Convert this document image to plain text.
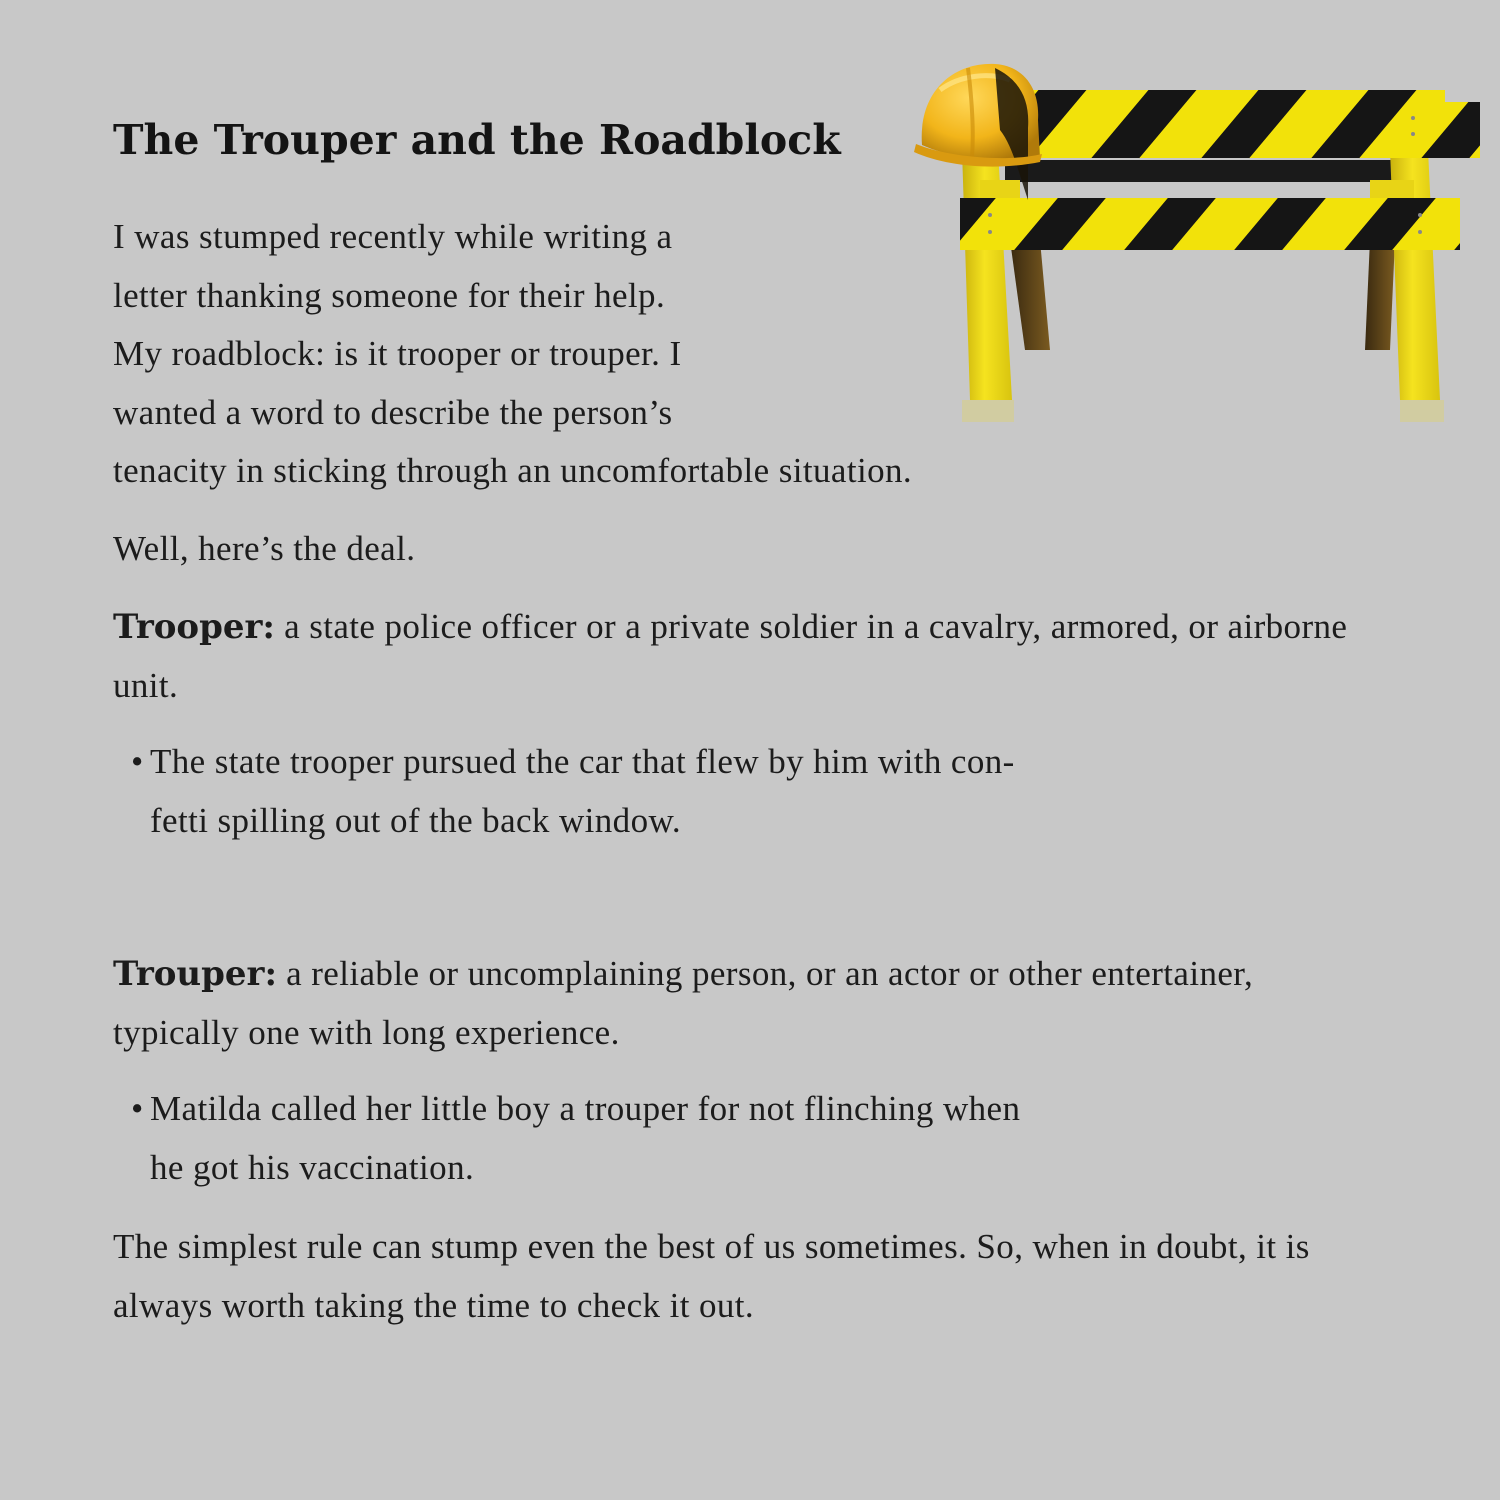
The Trouper and the Roadblock
I was stumped recently while writing a
letter thanking someone for their help.
My roadblock: is it trooper or trouper. I
wanted a word to describe the person’s
tenacity in sticking through an uncomfortable situation.

Well, here’s the deal.

Trooper: a state police officer or a private soldier in a cavalry, armored, or airborne unit.

• The state trooper pursued the car that flew by him with con-
fetti spilling out of the back window.

Trouper: a reliable or uncomplaining person, or an actor or other entertainer, typically one with long experience.

• Matilda called her little boy a trouper for not flinching when
he got his vaccination.

The simplest rule can stump even the best of us sometimes. So, when in doubt, it is always worth taking the time to check it out.
